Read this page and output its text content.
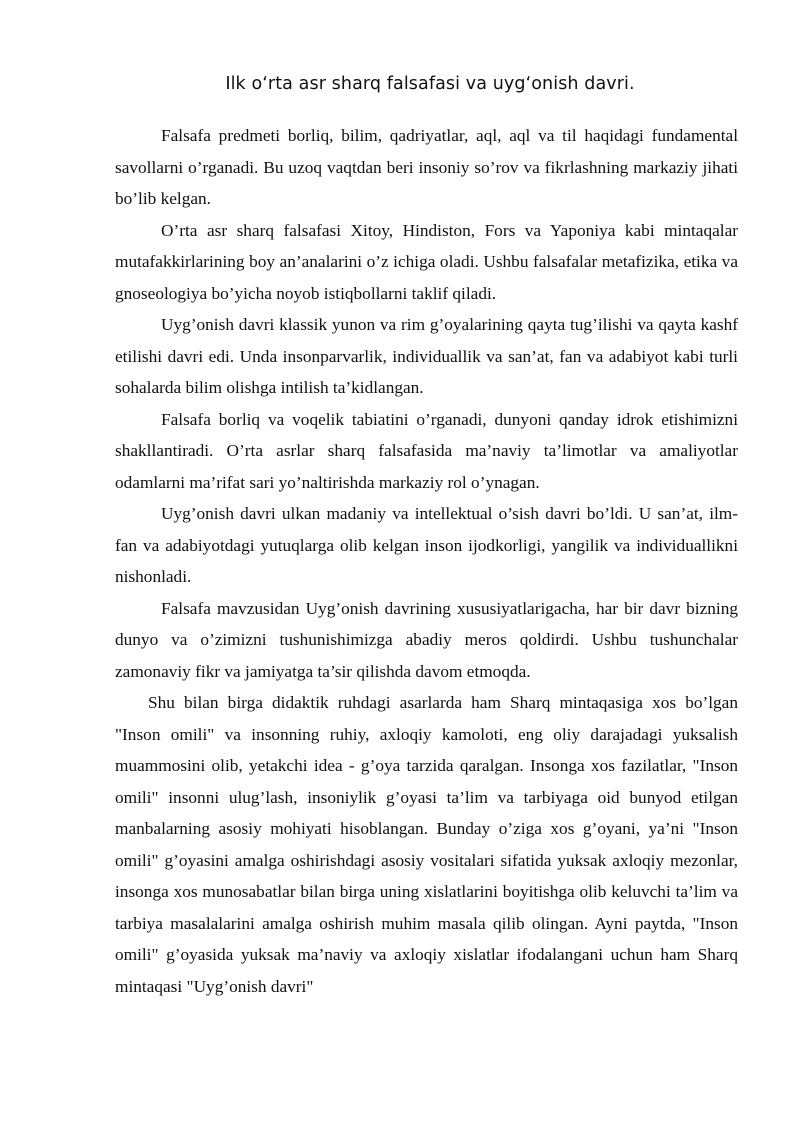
Ilk o‘rta asr sharq falsafasi va uyg‘onish davri.

Falsafa predmeti borliq, bilim, qadriyatlar, aql, aql va til haqidagi fundamental savollarni o’rganadi. Bu uzoq vaqtdan beri insoniy so’rov va fikrlashning markaziy jihati bo’lib kelgan.

O’rta asr sharq falsafasi Xitoy, Hindiston, Fors va Yaponiya kabi mintaqalar mutafakkirlarining boy an’analarini o’z ichiga oladi. Ushbu falsafalar metafizika, etika va gnoseologiya bo’yicha noyob istiqbollarni taklif qiladi.

Uyg’onish davri klassik yunon va rim g’oyalarining qayta tug’ilishi va qayta kashf etilishi davri edi. Unda insonparvarlik, individuallik va san’at, fan va adabiyot kabi turli sohalarda bilim olishga intilish ta’kidlangan.

Falsafa borliq va voqelik tabiatini o’rganadi, dunyoni qanday idrok etishimizni shakllantiradi. O’rta asrlar sharq falsafasida ma’naviy ta’limotlar va amaliyotlar odamlarni ma’rifat sari yo’naltirishda markaziy rol o’ynagan.

Uyg’onish davri ulkan madaniy va intellektual o’sish davri bo’ldi. U san’at, ilm-fan va adabiyotdagi yutuqlarga olib kelgan inson ijodkorligi, yangilik va individuallikni nishonladi.

Falsafa mavzusidan Uyg’onish davrining xususiyatlarigacha, har bir davr bizning dunyo va o’zimizni tushunishimizga abadiy meros qoldirdi. Ushbu tushunchalar zamonaviy fikr va jamiyatga ta’sir qilishda davom etmoqda.

Shu bilan birga didaktik ruhdagi asarlarda ham Sharq mintaqasiga xos bo’lgan "Inson omili" va insonning ruhiy, axloqiy kamoloti, eng oliy darajadagi yuksalish muammosini olib, yetakchi idea - g’oya tarzida qaralgan. Insonga xos fazilatlar, "Inson omili" insonni ulug’lash, insoniylik g’oyasi ta’lim va tarbiyaga oid bunyod etilgan manbalarning asosiy mohiyati hisoblangan. Bunday o’ziga xos g’oyani, ya’ni "Inson omili" g’oyasini amalga oshirishdagi asosiy vositalari sifatida yuksak axloqiy mezonlar, insonga xos munosabatlar bilan birga uning xislatlarini boyitishga olib keluvchi ta’lim va tarbiya masalalarini amalga oshirish muhim masala qilib olingan. Ayni paytda, "Inson omili" g’oyasida yuksak ma’naviy va axloqiy xislatlar ifodalangani uchun ham Sharq mintaqasi "Uyg’onish davri"
